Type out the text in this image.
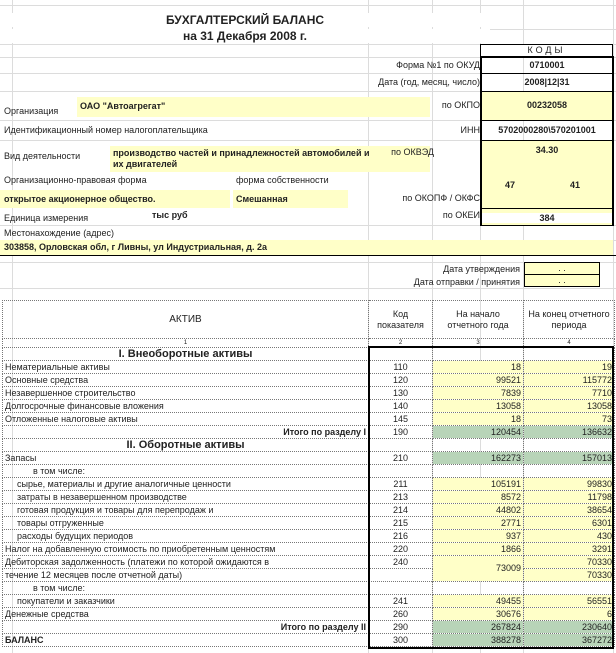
БУХГАЛТЕРСКИЙ БАЛАНС
на 31 Декабря 2008 г.
КОДЫ
Форма №1 по ОКУД	0710001
Дата (год, месяц, число)	2008|12|31
Организация	ОАО "Автоагрегат"	по ОКПО	00232058
Идентификационный номер налогоплательщика	ИНН	5702000280\570201001
Вид деятельности	производство частей и принадлежностей автомобилей и
их двигателей
по ОКВЭД	34.30
Организационно-правовая форма	форма собственности
открытое акционерное общество.	Смешанная	по ОКОПФ / ОКФС
47	41
Единица измерения	тыс руб	по ОКЕИ	384
Местонахождение (адрес)
303858, Орловская обл, г Ливны, ул Индустриальная, д. 2а
Дата утверждения	. .
Дата отправки / принятия	. .
АКТИВ	Код показателя	На начало отчетного года	На конец отчетного периода
1	2	3	4
I. Внеоборотные активы			
Нематериальные активы	110	18	19
Основные средства	120	99521	115772
Незавершенное строительство	130	7839	7710
Долгосрочные финансовые вложения	140	13058	13058
Отложенные налоговые активы	145	18	73
Итого по разделу I	190	120454	136632
II. Оборотные активы			
Запасы	210	162273	157013
в том числе:			
сырье, материалы и другие аналогичные ценности	211	105191	99830
затраты в незавершенном производстве	213	8572	11798
готовая продукция и товары для перепродаж и	214	44802	38654
товары отгруженные	215	2771	6301
расходы будущих периодов	216	937	430
Налог на добавленную стоимость по приобретенным ценностям	220	1866	3291
Дебиторская задолженность (платежи по которой ожидаются в	240	73009	70330
течение 12 месяцев после отчетной даты)			70330
в том числе:			
покупатели и заказчики	241	49455	56551
Денежные средства	260	30676	6
Итого по разделу II	290	267824	230640
БАЛАНС	300	388278	367272
